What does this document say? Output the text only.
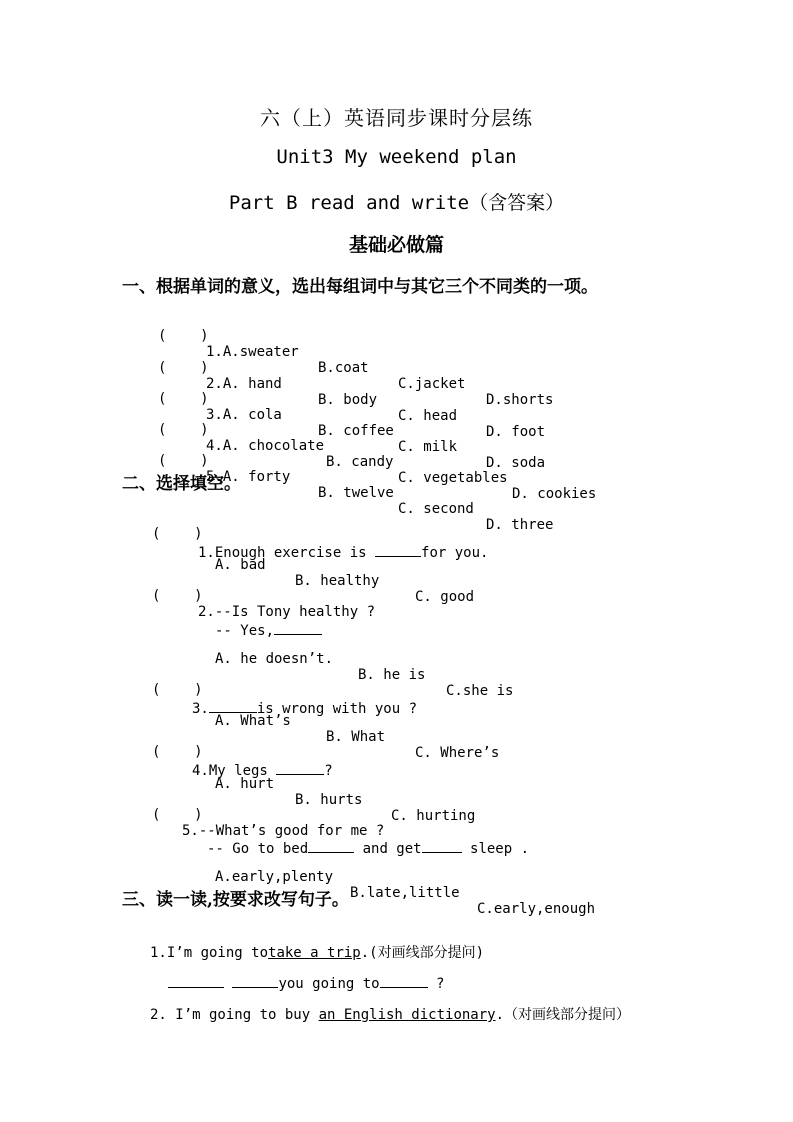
六（上）英语同步课时分层练
Unit3 My weekend plan
Part B read and write（含答案）
基础必做篇
一、根据单词的意义，选出每组词中与其它三个不同类的一项。

(    )

1.A.sweater

B.coat

C.jacket

D.shorts

(    )

2.A. hand

B. body

C. head

D. foot

(    )

3.A. cola

B. coffee

C. milk

D. soda

(    )

4.A. chocolate

B. candy

C. vegetables

D. cookies

(    )

5.A. forty

B. twelve

C. second

D. three

二、选择填空。

(    )

1.Enough exercise is	for you.

A. bad

B. healthy

C. good

(    )

2.--Is Tony healthy ?

-- Yes,

A. he doesn’t.

B. he is

C.she is

(    )

3.	is wrong with you ?

A. What’s

B. What

C. Where’s

(    )

4.My legs	?

A. hurt

B. hurts

C. hurting

(    )

5.--What’s good for me ?

-- Go to bed	and get	sleep .

A.early,plenty

B.late,little

C.early,enough

三、读一读,按要求改写句子。

1.I’m going totake a trip.(对画线部分提问)

you going to	?

2. I’m going to buy an English dictionary.（对画线部分提问）
